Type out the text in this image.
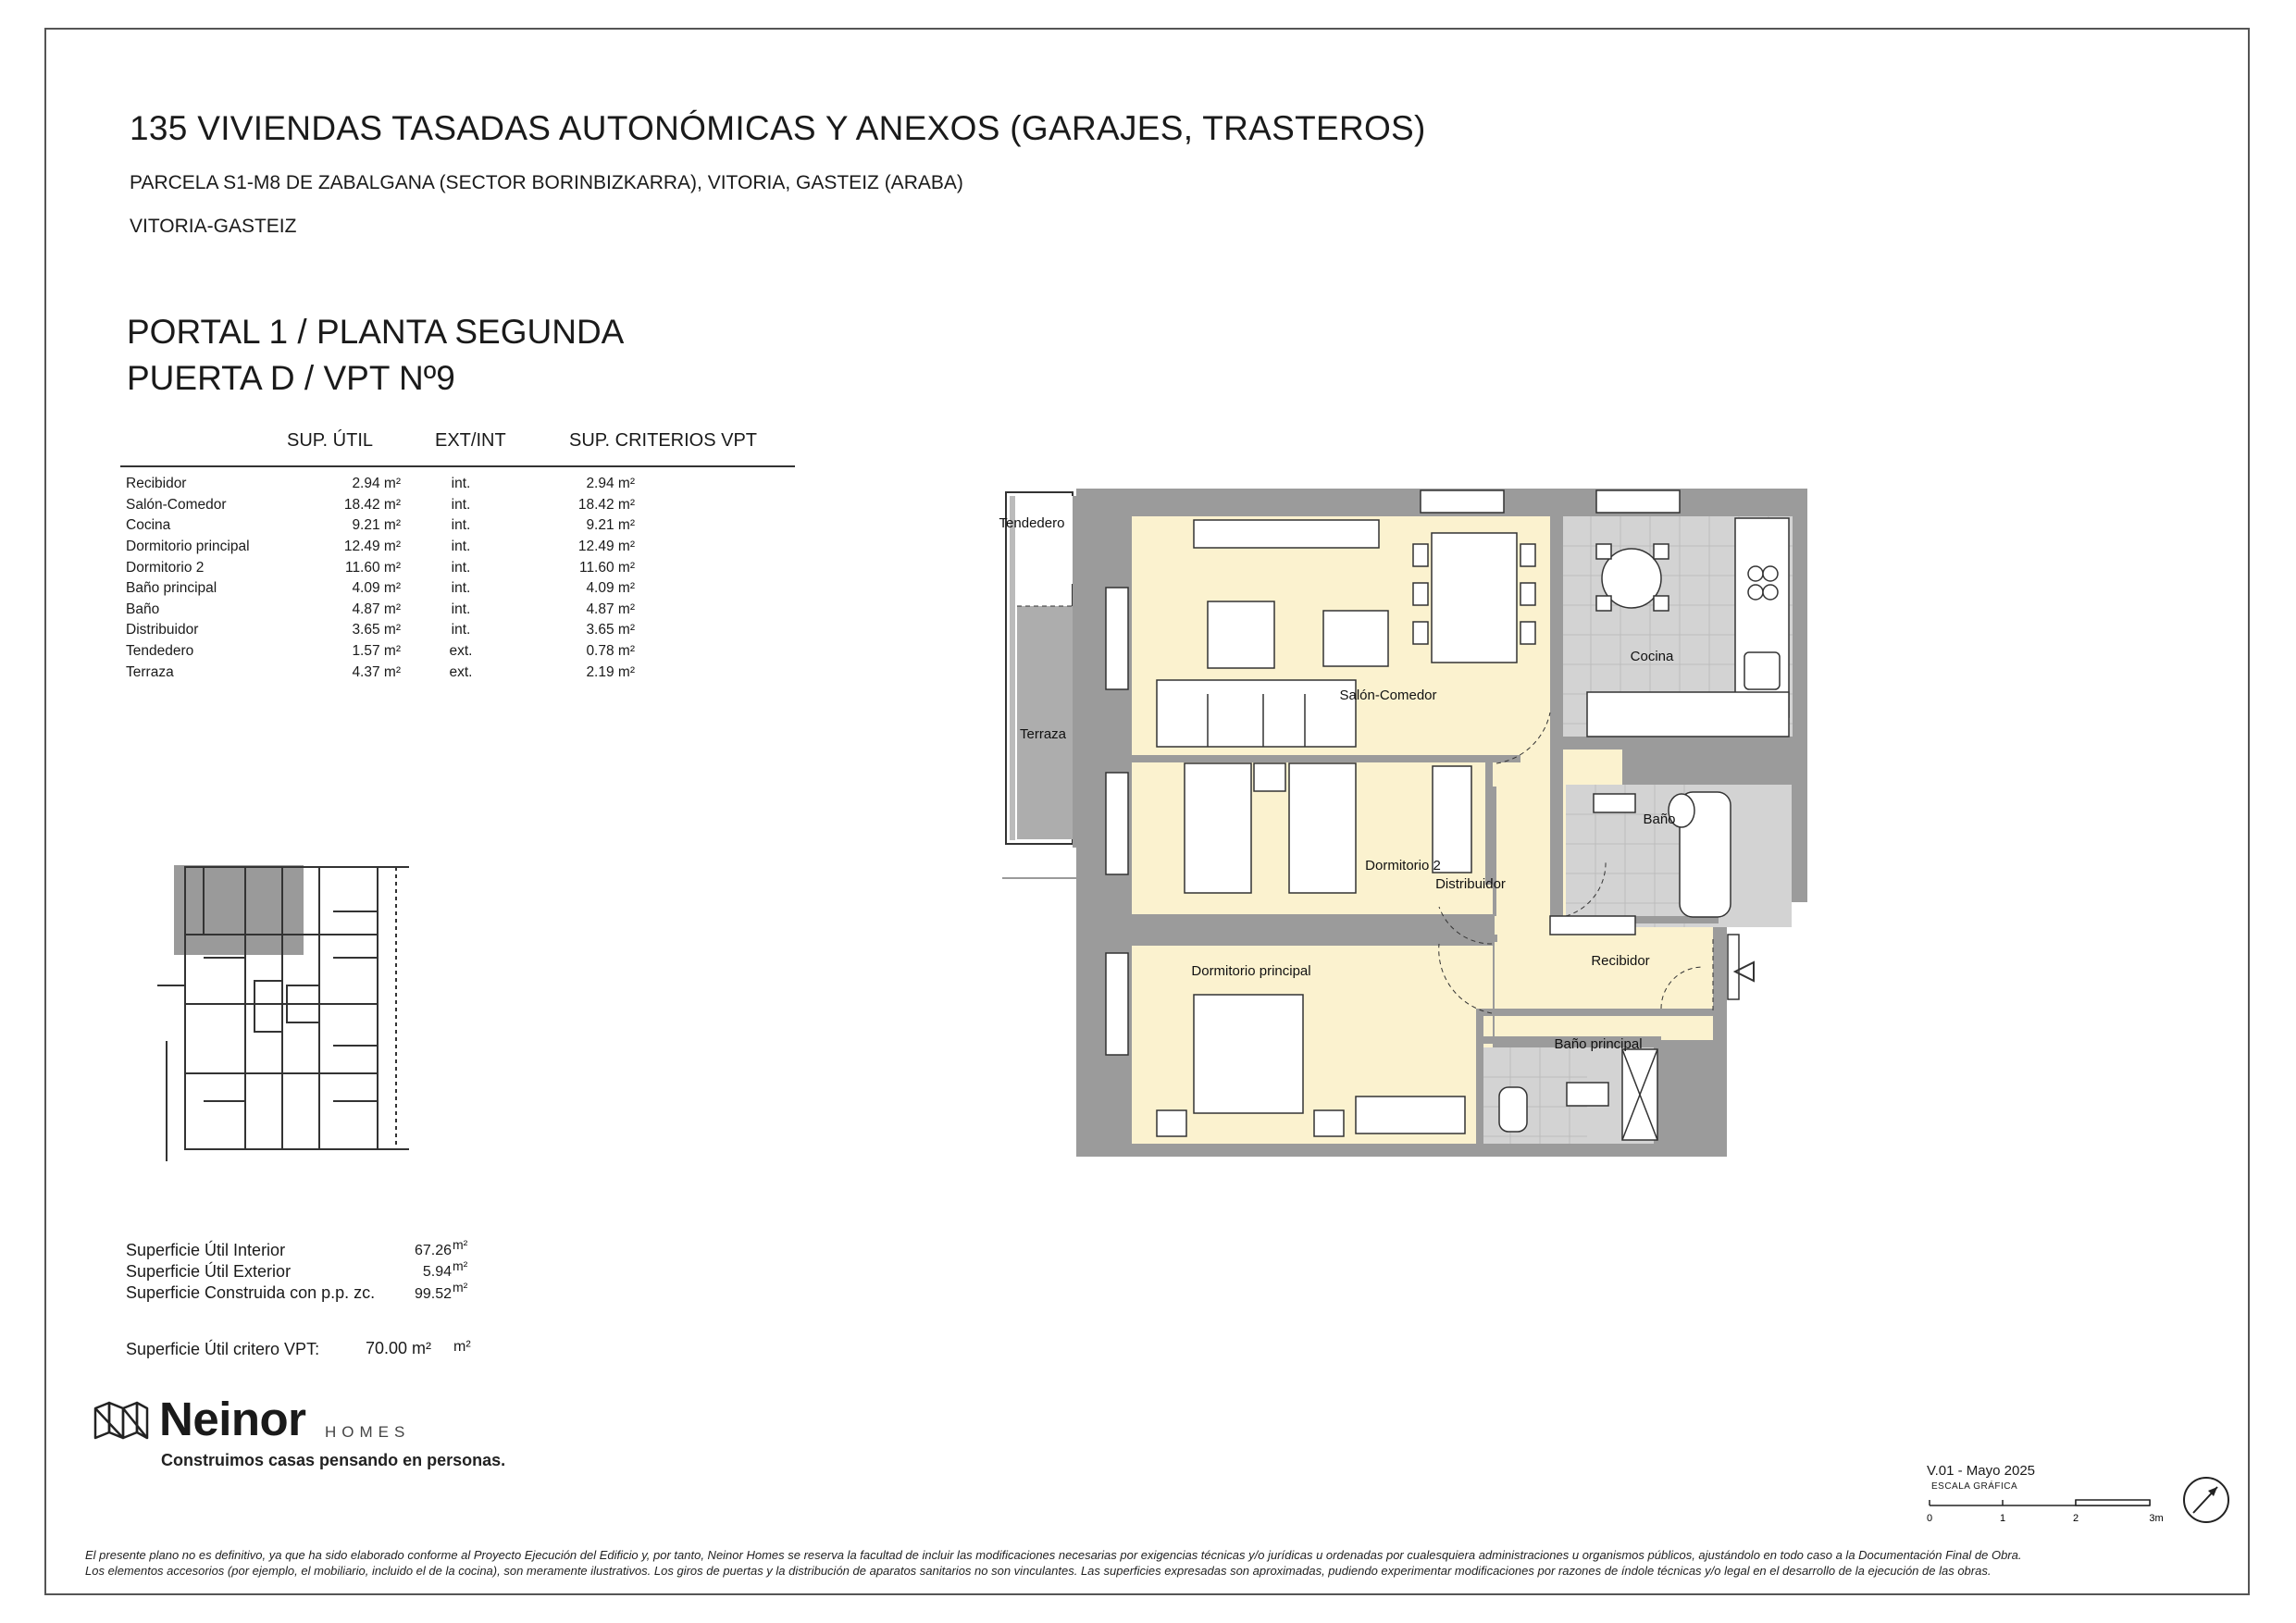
135 VIVIENDAS TASADAS AUTONÓMICAS Y ANEXOS (GARAJES, TRASTEROS)
PARCELA S1-M8 DE ZABALGANA (SECTOR BORINBIZKARRA), VITORIA, GASTEIZ (ARABA)
VITORIA-GASTEIZ
PORTAL 1 / PLANTA SEGUNDA
PUERTA D / VPT Nº9
SUP. ÚTIL	EXT/INT	SUP. CRITERIOS VPT
Recibidor	2.94 m²	int.	2.94 m²
Salón-Comedor	18.42 m²	int.	18.42 m²
Cocina	9.21 m²	int.	9.21 m²
Dormitorio principal	12.49 m²	int.	12.49 m²
Dormitorio 2	11.60 m²	int.	11.60 m²
Baño principal	4.09 m²	int.	4.09 m²
Baño	4.87 m²	int.	4.87 m²
Distribuidor	3.65 m²	int.	3.65 m²
Tendedero	1.57 m²	ext.	0.78 m²
Terraza	4.37 m²	ext.	2.19 m²
Superficie Útil Interior	67.26 m²
Superficie Útil Exterior	5.94 m²
Superficie Construida con p.p. zc.	99.52 m²
Superficie Útil critero VPT:	70.00 m² m²
Neinor HOMES
Construimos casas pensando en personas.
V.01 - Mayo 2025
ESCALA GRÁFICA
0	1	2	3m
El presente plano no es definitivo, ya que ha sido elaborado conforme al Proyecto Ejecución del Edificio y, por tanto, Neinor Homes se reserva la facultad de incluir las modificaciones necesarias por exigencias técnicas y/o jurídicas u ordenadas por cualesquiera administraciones u organismos públicos, ajustándolo en todo caso a la Documentación Final de Obra.
Los elementos accesorios (por ejemplo, el mobiliario, incluido el de la cocina), son meramente ilustrativos. Los giros de puertas y la distribución de aparatos sanitarios no son vinculantes. Las superficies expresadas son aproximadas, pudiendo experimentar modificaciones por razones de índole técnicas y/o legal en el desarrollo de la ejecución de las obras.
Tendedero
Terraza
Salón-Comedor
Cocina
Baño
Dormitorio 2
Distribuidor
Dormitorio principal
Recibidor
Baño principal
